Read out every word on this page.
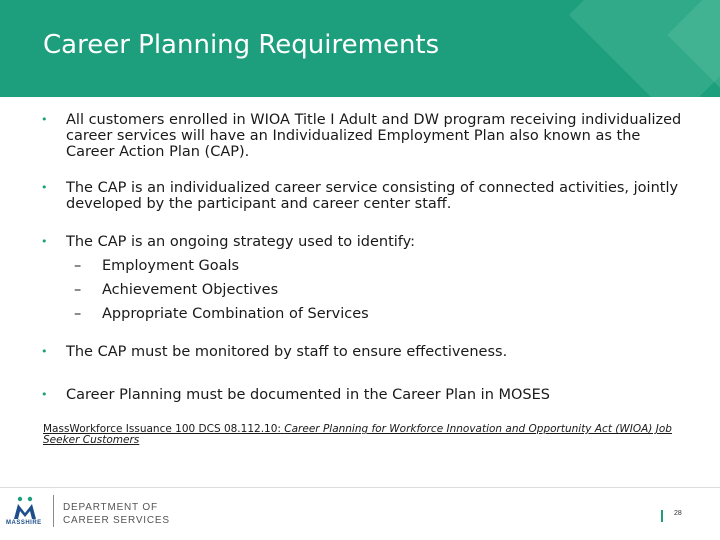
Career Planning Requirements
• All customers enrolled in WIOA Title I Adult and DW program receiving individualized career services will have an Individualized Employment Plan also known as the Career Action Plan (CAP).
• The CAP is an individualized career service consisting of connected activities, jointly developed by the participant and career center staff.
• The CAP is an ongoing strategy used to identify:
– Employment Goals
– Achievement Objectives
– Appropriate Combination of Services
• The CAP must be monitored by staff to ensure effectiveness.
• Career Planning must be documented in the Career Plan in MOSES
MassWorkforce Issuance 100 DCS 08.112.10: Career Planning for Workforce Innovation and Opportunity Act (WIOA) Job Seeker Customers
MASSHIRE
DEPARTMENT OF
CAREER SERVICES
28
